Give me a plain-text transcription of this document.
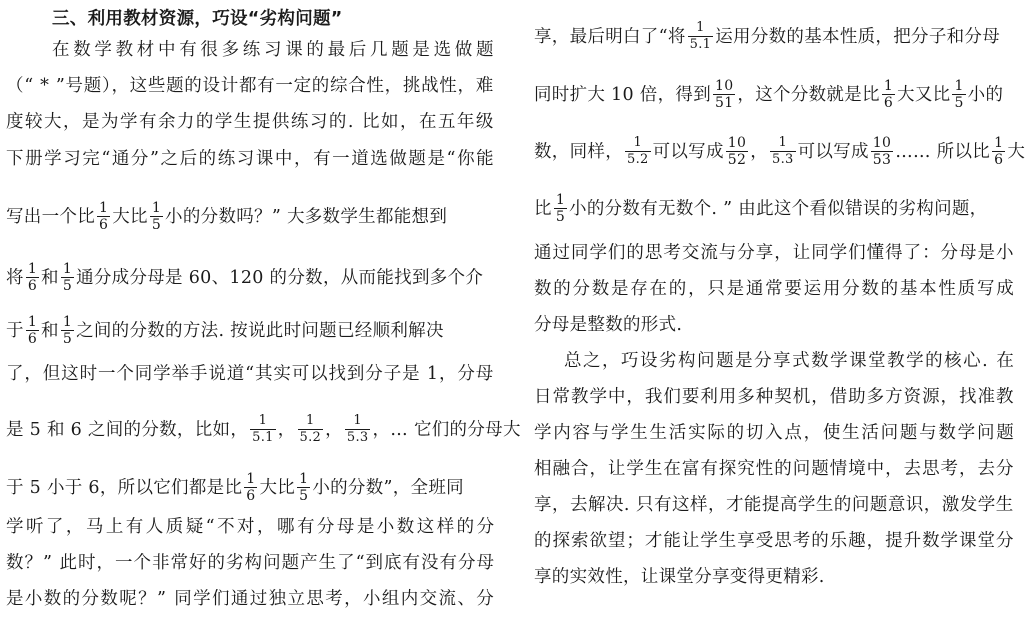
三、利用教材资源，巧设“劣构问题”
在数学教材中有很多练习课的最后几题是选做题
（“ * ”号题），这些题的设计都有一定的综合性，挑战性，难
度较大，是为学有余力的学生提供练习的. 比如，在五年级
下册学习完“通分”之后的练习课中，有一道选做题是“你能
写出一个比 $\frac{1}{6}$ 大比 $\frac{1}{5}$ 小的分数吗？” 大多数学生都能想到
将 $\frac{1}{6}$ 和 $\frac{1}{5}$ 通分成分母是 60、120 的分数，从而能找到多个介
于 $\frac{1}{6}$ 和 $\frac{1}{5}$ 之间的分数的方法. 按说此时问题已经顺利解决
了，但这时一个同学举手说道“其实可以找到分子是 1，分母
是 5 和 6 之间的分数，比如， $\frac{1}{5.1}$ ， $\frac{1}{5.2}$ ， $\frac{1}{5.3}$ ，… 它们的分母大
于 5 小于 6，所以它们都是比 $\frac{1}{6}$ 大比 $\frac{1}{5}$ 小的分数”，全班同
学听了，马上有人质疑“不对，哪有分母是小数这样的分
数？” 此时，一个非常好的劣构问题产生了“到底有没有分母
是小数的分数呢？” 同学们通过独立思考，小组内交流、分
享，最后明白了“将 $\frac{1}{5.1}$ 运用分数的基本性质，把分子和分母
同时扩大 10 倍，得到 $\frac{10}{51}$ ，这个分数就是比 $\frac{1}{6}$ 大又比 $\frac{1}{5}$ 小的
数，同样， $\frac{1}{5.2}$ 可以写成 $\frac{10}{52}$ ， $\frac{1}{5.3}$ 可以写成 $\frac{10}{53}$ …… 所以比 $\frac{1}{6}$ 大
比 $\frac{1}{5}$ 小的分数有无数个. ” 由此这个看似错误的劣构问题，
通过同学们的思考交流与分享，让同学们懂得了：分母是小
数的分数是存在的，只是通常要运用分数的基本性质写成
分母是整数的形式.
总之，巧设劣构问题是分享式数学课堂教学的核心. 在
日常教学中，我们要利用多种契机，借助多方资源，找准教
学内容与学生生活实际的切入点，使生活问题与数学问题
相融合，让学生在富有探究性的问题情境中，去思考，去分
享，去解决. 只有这样，才能提高学生的问题意识，激发学生
的探索欲望；才能让学生享受思考的乐趣，提升数学课堂分
享的实效性，让课堂分享变得更精彩.
